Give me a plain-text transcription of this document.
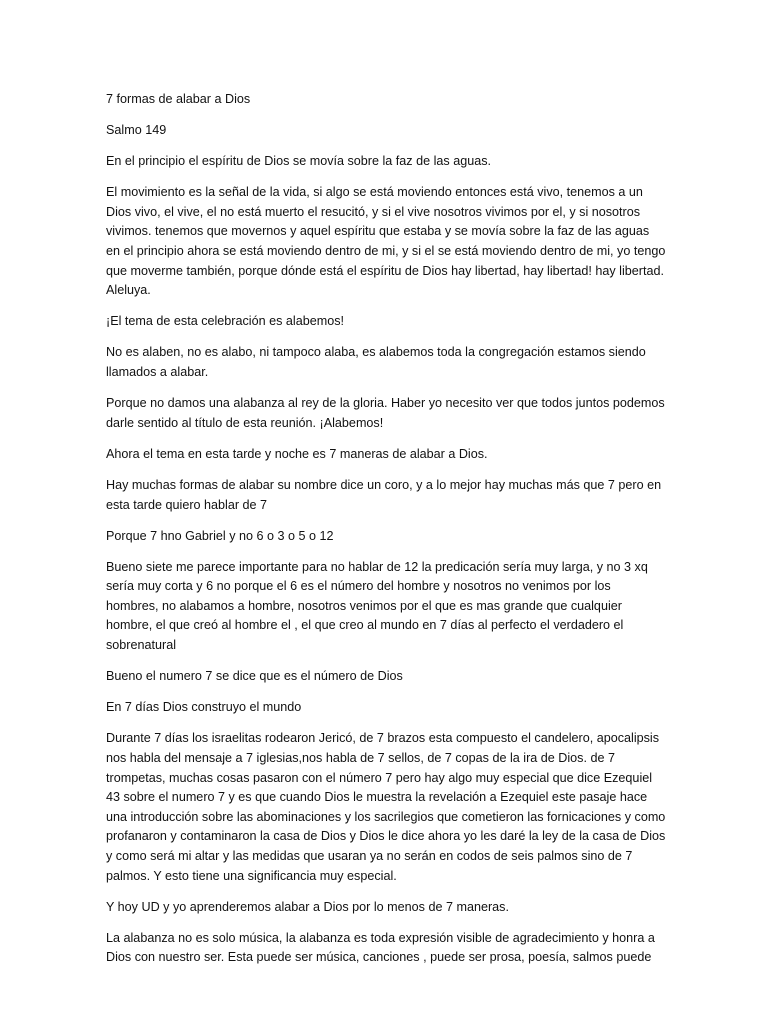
7 formas de alabar a Dios

Salmo 149

En el principio el espíritu de Dios se movía sobre la faz de las aguas.

El movimiento es la señal de la vida, si algo se está moviendo entonces está vivo, tenemos a un Dios vivo, el vive, el no está muerto el resucitó, y si el vive nosotros vivimos por el, y si nosotros vivimos. tenemos que movernos y aquel espíritu que estaba y se movía sobre la faz de las aguas en el principio ahora se está moviendo dentro de mi, y si el se está moviendo dentro de mi, yo tengo que moverme también, porque dónde está el espíritu de Dios hay libertad, hay libertad! hay libertad. Aleluya.

¡El tema de esta celebración es alabemos!

No es alaben, no es alabo, ni tampoco alaba, es alabemos toda la congregación estamos siendo llamados a alabar.

Porque no damos una alabanza al rey de la gloria. Haber yo necesito ver que todos juntos podemos darle sentido al título de esta reunión. ¡Alabemos!

Ahora el tema en esta tarde y noche es 7 maneras de alabar a Dios.

Hay muchas formas de alabar su nombre dice un coro, y a lo mejor hay muchas más que 7 pero en esta tarde quiero hablar de 7

Porque 7 hno Gabriel y no 6 o 3 o 5 o 12

Bueno siete me parece importante para no hablar de 12 la predicación sería muy larga, y no 3 xq sería muy corta y 6 no porque el 6 es el número del hombre y nosotros no venimos por los hombres, no alabamos a hombre, nosotros venimos por el que es mas grande que cualquier hombre, el que creó al hombre el , el que creo al mundo en 7 días al perfecto el verdadero el sobrenatural

Bueno el numero 7 se dice que es el número de Dios

En 7 días Dios construyo el mundo

Durante 7 días los israelitas rodearon Jericó, de 7 brazos esta compuesto el candelero, apocalipsis nos habla del mensaje a 7 iglesias,nos habla de 7 sellos, de 7 copas de la ira de Dios. de 7 trompetas, muchas cosas pasaron con el número 7 pero hay algo muy especial que dice Ezequiel 43 sobre el numero 7 y es que cuando Dios le muestra la revelación a Ezequiel este pasaje hace una introducción sobre las abominaciones y los sacrilegios que cometieron las fornicaciones y como profanaron y contaminaron la casa de Dios y Dios le dice ahora yo les daré la ley de la casa de Dios y como será mi altar y las medidas que usaran ya no serán en codos de seis palmos sino de 7 palmos. Y esto tiene una significancia muy especial.

Y hoy UD y yo aprenderemos alabar a Dios por lo menos de 7 maneras.

La alabanza no es solo música, la alabanza es toda expresión visible de agradecimiento y honra a Dios con nuestro ser. Esta puede ser música, canciones , puede ser prosa, poesía, salmos puede
